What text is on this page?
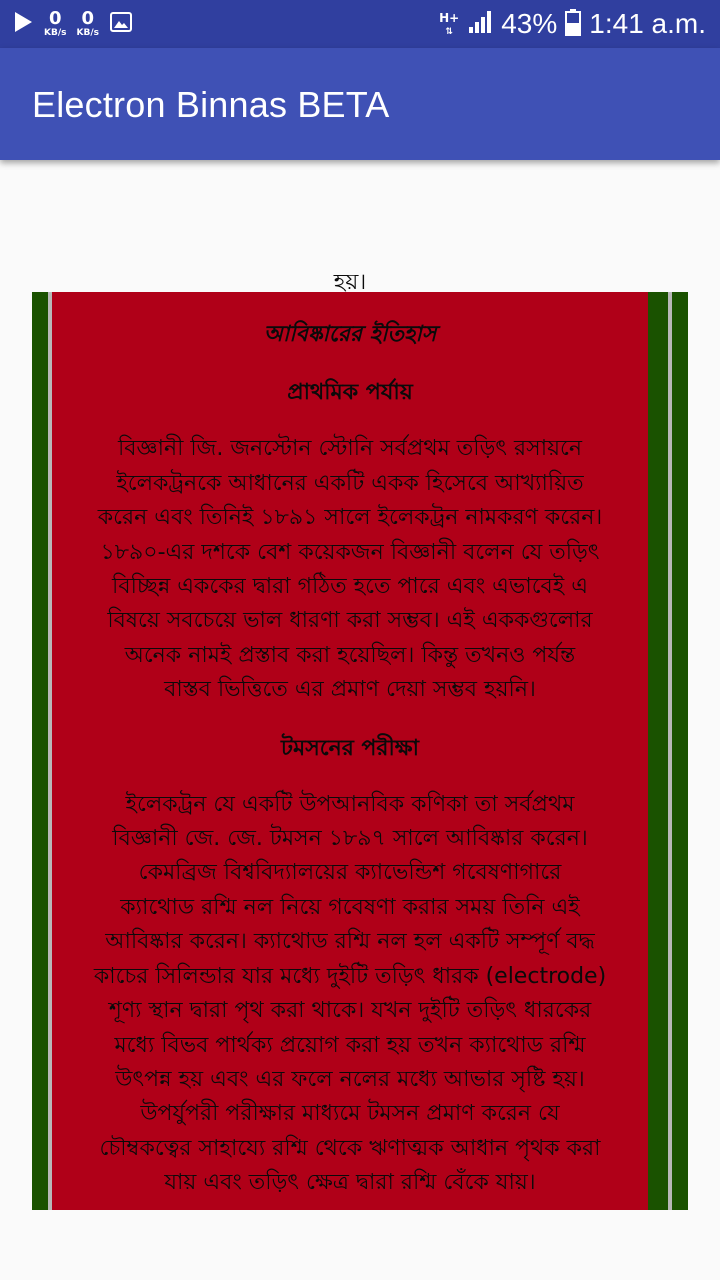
0
KB/s
0
KB/s
H+
⇅ 43% 1:41 a.m.
Electron Binnas BETA
হয়।
আবিষ্কারের ইতিহাস
প্রাথমিক পর্যায়
বিজ্ঞানী জি. জনস্টোন স্টোনি সর্বপ্রথম তড়িৎ রসায়নে
ইলেকট্রনকে আধানের একটি একক হিসেবে আখ্যায়িত
করেন এবং তিনিই ১৮৯১ সালে ইলেকট্রন নামকরণ করেন।
১৮৯০-এর দশকে বেশ কয়েকজন বিজ্ঞানী বলেন যে তড়িৎ
বিচ্ছিন্ন এককের দ্বারা গঠিত হতে পারে এবং এভাবেই এ
বিষয়ে সবচেয়ে ভাল ধারণা করা সম্ভব। এই এককগুলোর
অনেক নামই প্রস্তাব করা হয়েছিল। কিন্তু তখনও পর্যন্ত
বাস্তব ভিত্তিতে এর প্রমাণ দেয়া সম্ভব হয়নি।
টমসনের পরীক্ষা
ইলেকট্রন যে একটি উপআনবিক কণিকা তা সর্বপ্রথম
বিজ্ঞানী জে. জে. টমসন ১৮৯৭ সালে আবিষ্কার করেন।
কেমব্রিজ বিশ্ববিদ্যালয়ের ক্যাভেন্ডিশ গবেষণাগারে
ক্যাথোড রশ্মি নল নিয়ে গবেষণা করার সময় তিনি এই
আবিষ্কার করেন। ক্যাথোড রশ্মি নল হল একটি সম্পূর্ণ বদ্ধ
কাচের সিলিন্ডার যার মধ্যে দুইটি তড়িৎ ধারক (electrode)
শূণ্য স্থান দ্বারা পৃথ করা থাকে। যখন দুইটি তড়িৎ ধারকের
মধ্যে বিভব পার্থক্য প্রয়োগ করা হয় তখন ক্যাথোড রশ্মি
উৎপন্ন হয় এবং এর ফলে নলের মধ্যে আভার সৃষ্টি হয়।
উপর্যুপরী পরীক্ষার মাধ্যমে টমসন প্রমাণ করেন যে
চৌম্বকত্বের সাহায্যে রশ্মি থেকে ঋণাত্মক আধান পৃথক করা
যায় এবং তড়িৎ ক্ষেত্র দ্বারা রশ্মি বেঁকে যায়।
